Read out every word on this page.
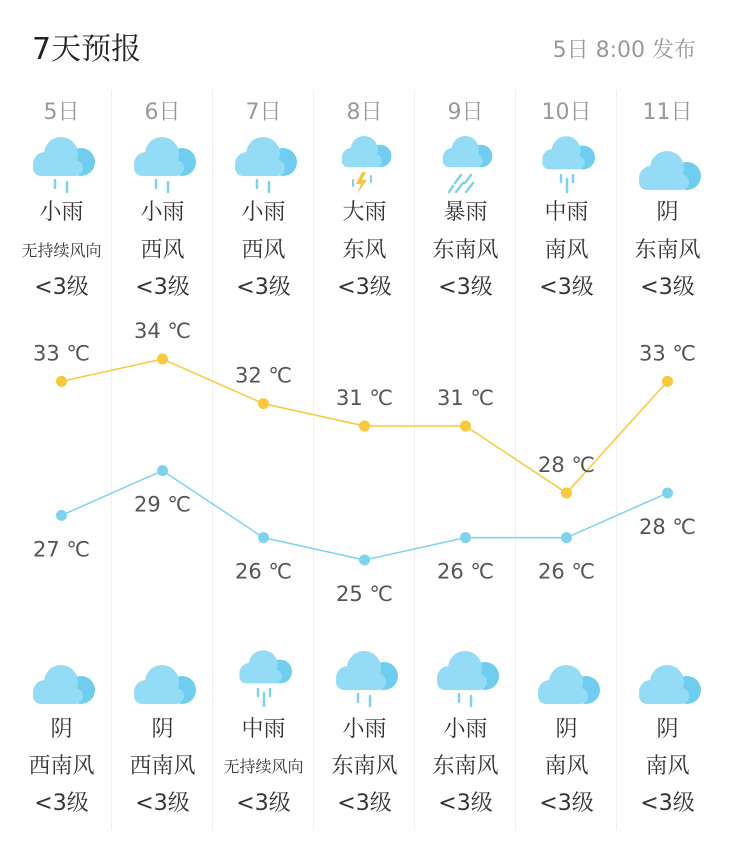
7天预报	5日 8:00 发布
5日
小雨
无持续风向
<3级
阴
西南风
<3级
6日
小雨
西风
<3级
阴
西南风
<3级
7日
小雨
西风
<3级
中雨
无持续风向
<3级
8日
大雨
东风
<3级
小雨
东南风
<3级
9日
暴雨
东南风
<3级
小雨
东南风
<3级
10日
中雨
南风
<3级
阴
南风
<3级
11日
阴
东南风
<3级
阴
南风
<3级
33 ℃
34 ℃
32 ℃
31 ℃ 31 ℃
28 ℃
33 ℃
27 ℃
29 ℃
26 ℃
25 ℃
26 ℃ 26 ℃
28 ℃
